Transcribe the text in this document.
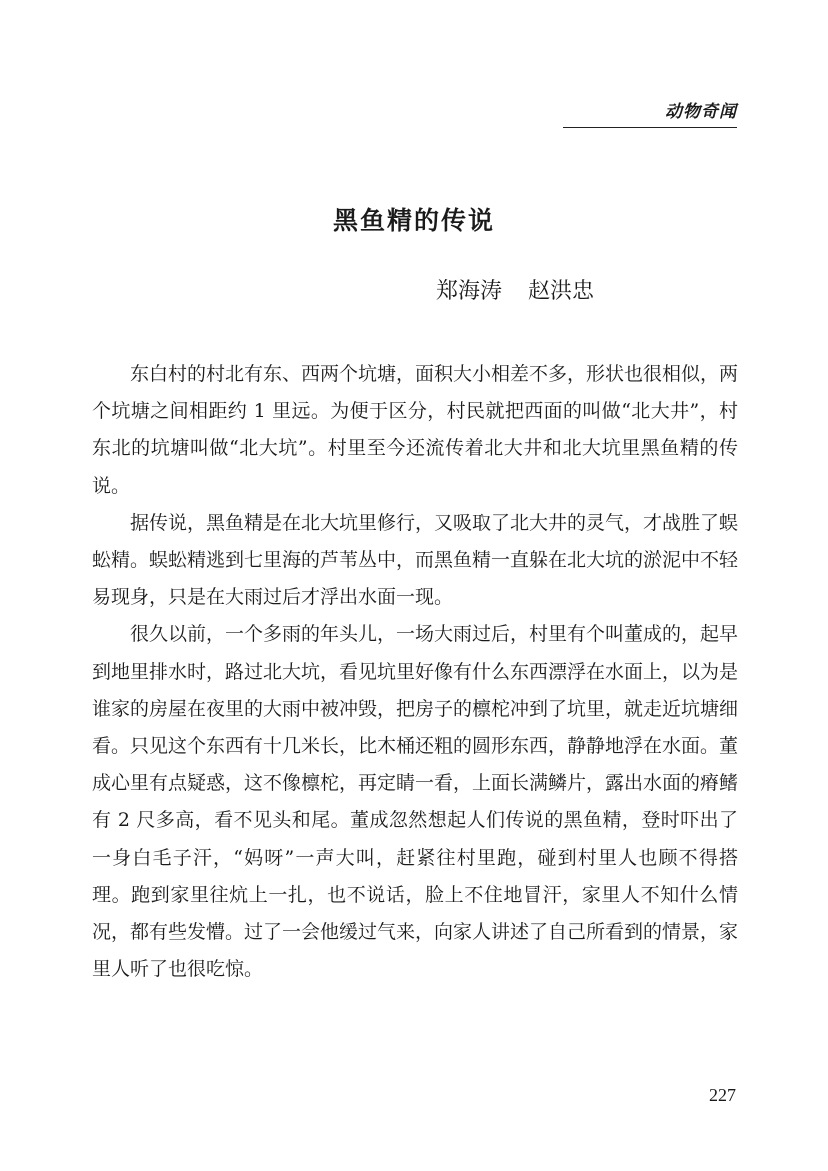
动物奇闻
黑鱼精的传说
郑海涛 赵洪忠

东白村的村北有东、西两个坑塘，面积大小相差不多，形状也很相似，两个坑塘之间相距约 1 里远。为便于区分，村民就把西面的叫做“北大井”，村东北的坑塘叫做“北大坑”。村里至今还流传着北大井和北大坑里黑鱼精的传说。

据传说，黑鱼精是在北大坑里修行，又吸取了北大井的灵气，才战胜了蜈蚣精。蜈蚣精逃到七里海的芦苇丛中，而黑鱼精一直躲在北大坑的淤泥中不轻易现身，只是在大雨过后才浮出水面一现。

很久以前，一个多雨的年头儿，一场大雨过后，村里有个叫董成的，起早到地里排水时，路过北大坑，看见坑里好像有什么东西漂浮在水面上，以为是谁家的房屋在夜里的大雨中被冲毁，把房子的檩柁冲到了坑里，就走近坑塘细看。只见这个东西有十几米长，比木桶还粗的圆形东西，静静地浮在水面。董成心里有点疑惑，这不像檩柁，再定睛一看，上面长满鳞片，露出水面的瘠鳍有 2 尺多高，看不见头和尾。董成忽然想起人们传说的黑鱼精，登时吓出了一身白毛子汗，“妈呀”一声大叫，赶紧往村里跑，碰到村里人也顾不得搭理。跑到家里往炕上一扎，也不说话，脸上不住地冒汗，家里人不知什么情况，都有些发懵。过了一会他缓过气来，向家人讲述了自己所看到的情景，家里人听了也很吃惊。

227
